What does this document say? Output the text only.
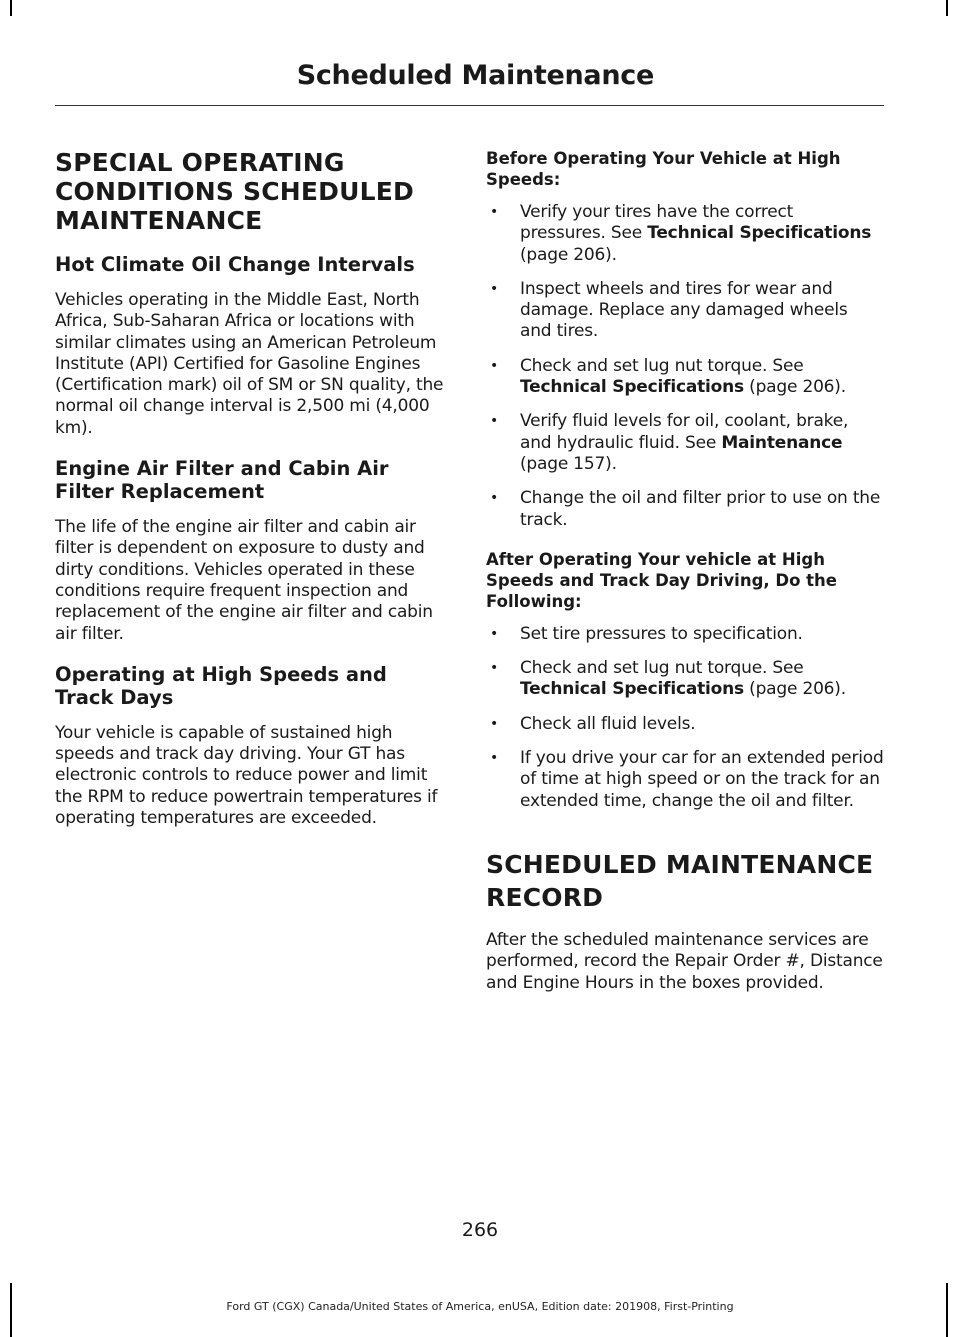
Scheduled Maintenance
SPECIAL OPERATING CONDITIONS SCHEDULED MAINTENANCE
Hot Climate Oil Change Intervals

Vehicles operating in the Middle East, North Africa, Sub-Saharan Africa or locations with similar climates using an American Petroleum Institute (API) Certified for Gasoline Engines (Certification mark) oil of SM or SN quality, the normal oil change interval is 2,500 mi (4,000 km).

Engine Air Filter and Cabin Air Filter Replacement

The life of the engine air filter and cabin air filter is dependent on exposure to dusty and dirty conditions. Vehicles operated in these conditions require frequent inspection and replacement of the engine air filter and cabin air filter.

Operating at High Speeds and Track Days

Your vehicle is capable of sustained high speeds and track day driving. Your GT has electronic controls to reduce power and limit the RPM to reduce powertrain temperatures if operating temperatures are exceeded.

Before Operating Your Vehicle at High Speeds:
• Verify your tires have the correct pressures. See Technical Specifications (page 206).
• Inspect wheels and tires for wear and damage. Replace any damaged wheels and tires.
• Check and set lug nut torque. See Technical Specifications (page 206).
• Verify fluid levels for oil, coolant, brake, and hydraulic fluid. See Maintenance (page 157).
• Change the oil and filter prior to use on the track.
After Operating Your vehicle at High Speeds and Track Day Driving, Do the Following:
• Set tire pressures to specification.
• Check and set lug nut torque. See Technical Specifications (page 206).
• Check all fluid levels.
• If you drive your car for an extended period of time at high speed or on the track for an extended time, change the oil and filter.
SCHEDULED MAINTENANCE RECORD

After the scheduled maintenance services are performed, record the Repair Order #, Distance and Engine Hours in the boxes provided.

266
Ford GT (CGX) Canada/United States of America, enUSA, Edition date: 201908, First-Printing
